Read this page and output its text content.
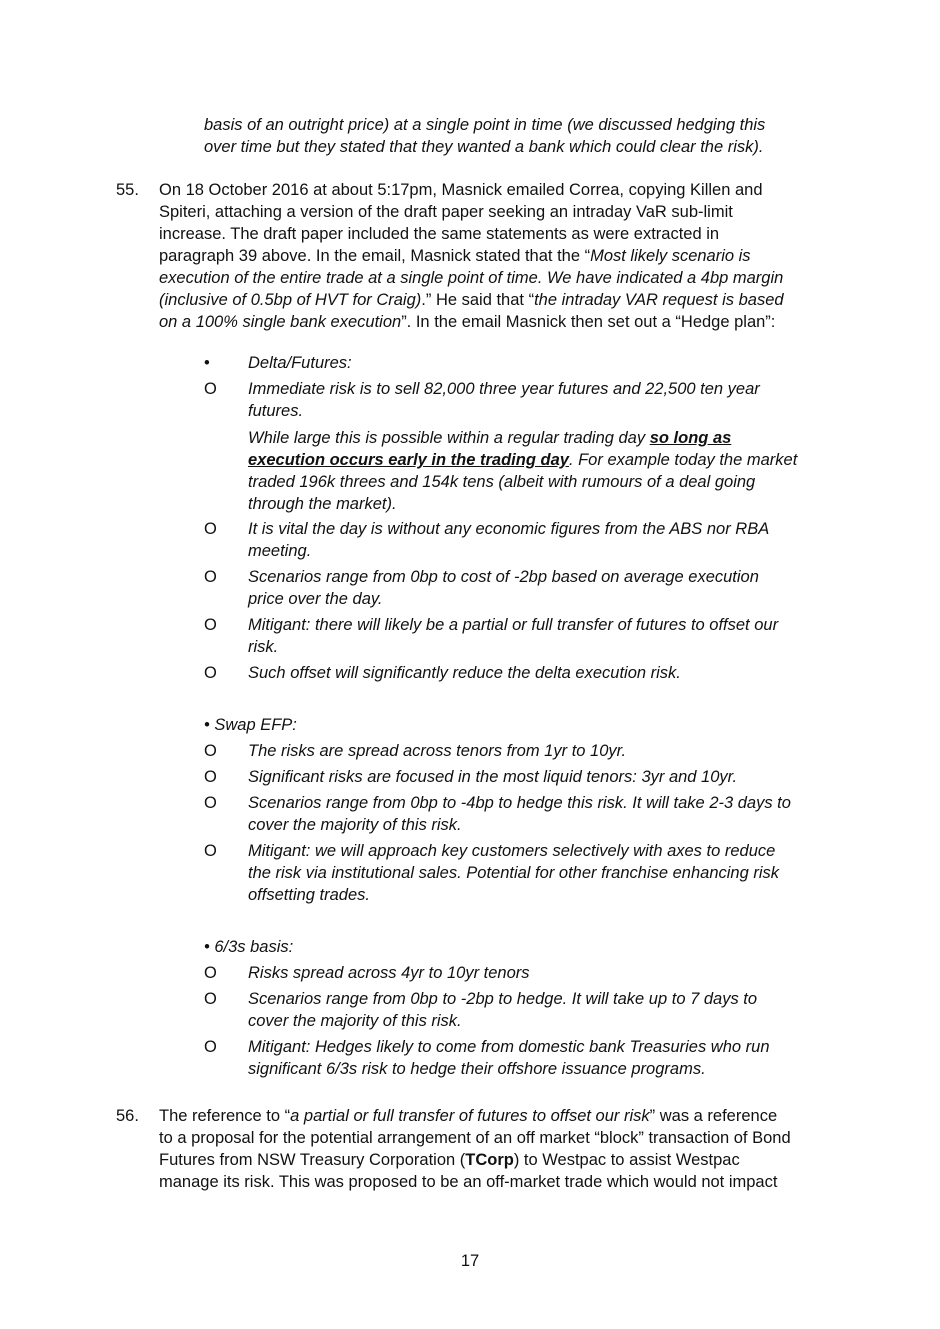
basis of an outright price) at a single point in time (we discussed hedging this
over time but they stated that they wanted a bank which could clear the risk).
55. On 18 October 2016 at about 5:17pm, Masnick emailed Correa, copying Killen and
Spiteri, attaching a version of the draft paper seeking an intraday VaR sub-limit
increase. The draft paper included the same statements as were extracted in
paragraph 39 above. In the email, Masnick stated that the “Most likely scenario is
execution of the entire trade at a single point of time. We have indicated a 4bp margin
(inclusive of 0.5bp of HVT for Craig).” He said that “the intraday VAR request is based
on a 100% single bank execution”. In the email Masnick then set out a “Hedge plan”:
• Delta/Futures:
O Immediate risk is to sell 82,000 three year futures and 22,500 ten year
futures.
While large this is possible within a regular trading day so long as
execution occurs early in the trading day. For example today the market
traded 196k threes and 154k tens (albeit with rumours of a deal going
through the market).
O It is vital the day is without any economic figures from the ABS nor RBA
meeting.
O Scenarios range from 0bp to cost of -2bp based on average execution
price over the day.
O Mitigant: there will likely be a partial or full transfer of futures to offset our
risk.
O Such offset will significantly reduce the delta execution risk.
• Swap EFP:
O The risks are spread across tenors from 1yr to 10yr.
O Significant risks are focused in the most liquid tenors: 3yr and 10yr.
O Scenarios range from 0bp to -4bp to hedge this risk. It will take 2-3 days to
cover the majority of this risk.
O Mitigant: we will approach key customers selectively with axes to reduce
the risk via institutional sales. Potential for other franchise enhancing risk
offsetting trades.
• 6/3s basis:
O Risks spread across 4yr to 10yr tenors
O Scenarios range from 0bp to -2bp to hedge. It will take up to 7 days to
cover the majority of this risk.
O Mitigant: Hedges likely to come from domestic bank Treasuries who run
significant 6/3s risk to hedge their offshore issuance programs.
56. The reference to “a partial or full transfer of futures to offset our risk” was a reference
to a proposal for the potential arrangement of an off market “block” transaction of Bond
Futures from NSW Treasury Corporation (TCorp) to Westpac to assist Westpac
manage its risk. This was proposed to be an off-market trade which would not impact
17
